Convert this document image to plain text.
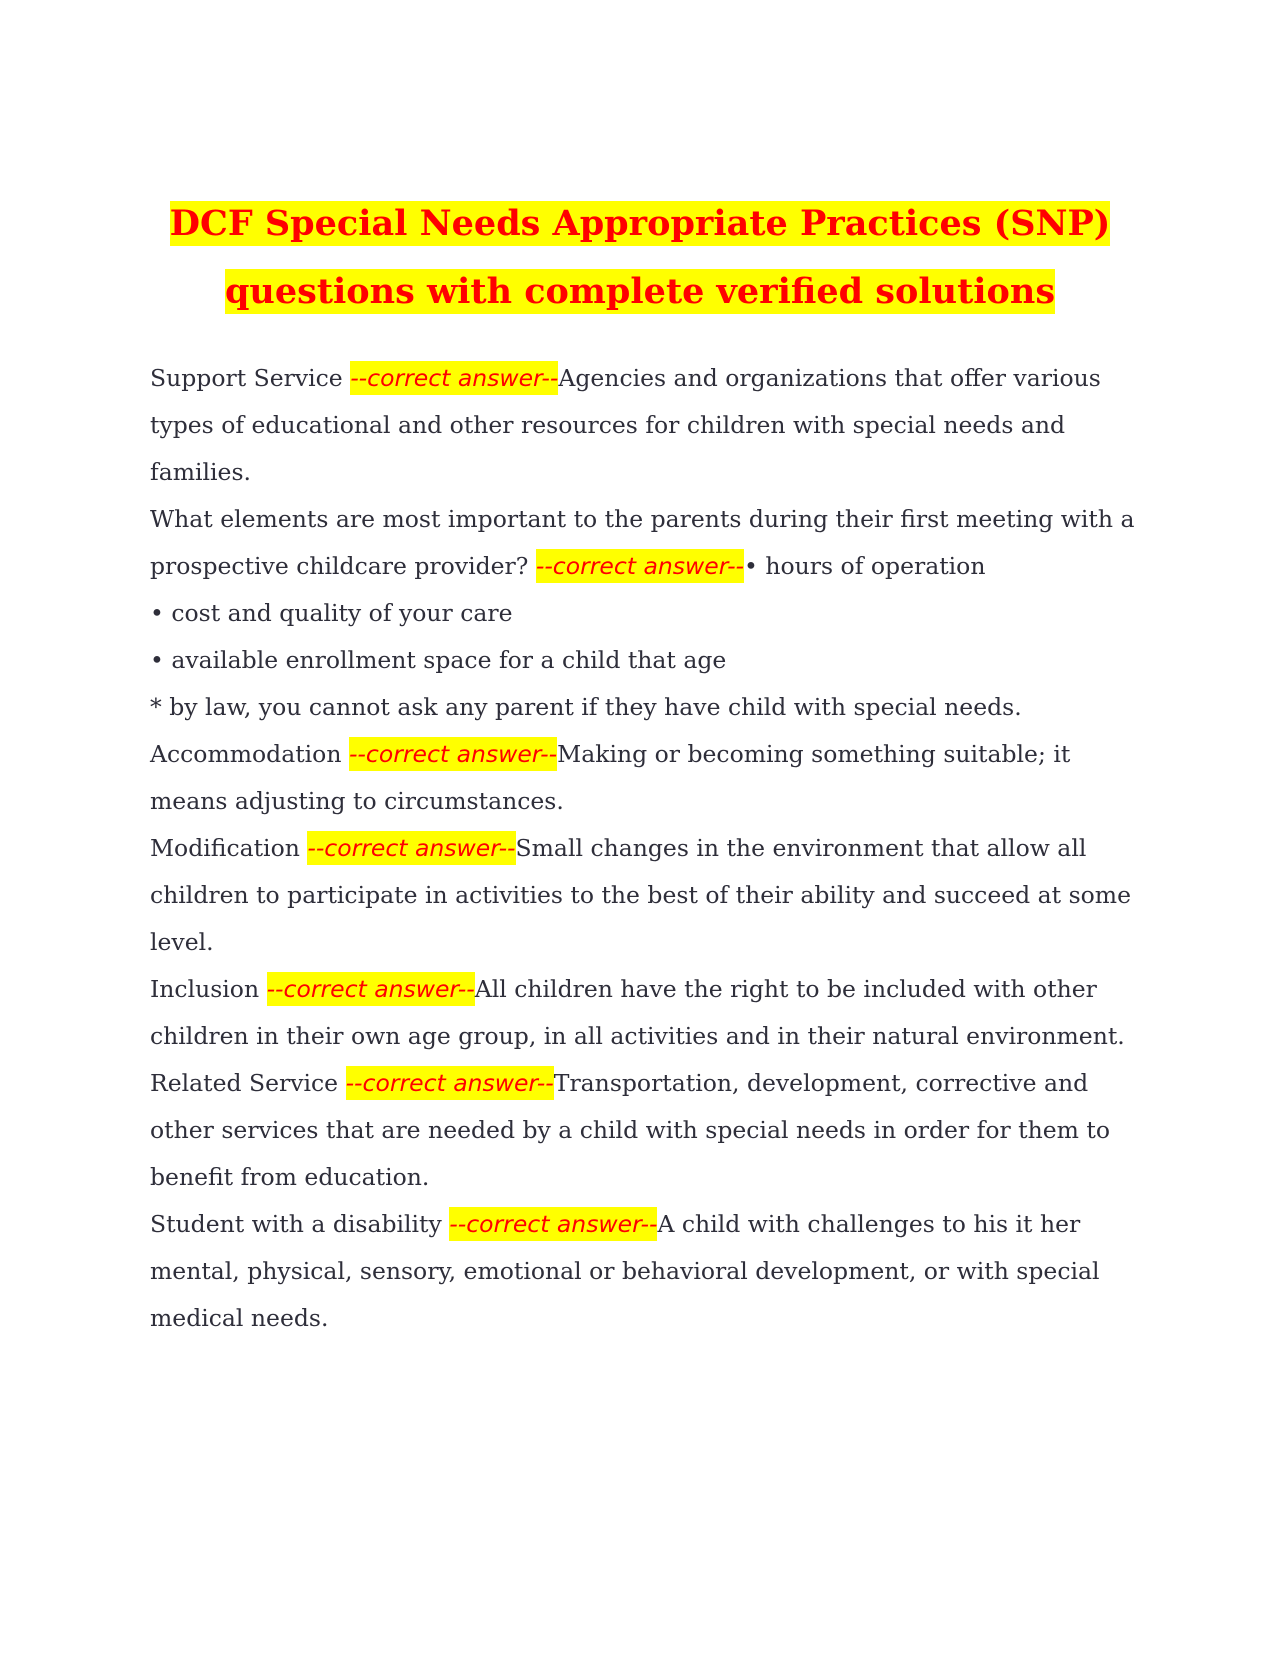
DCF Special Needs Appropriate Practices (SNP)
questions with complete verified solutions

Support Service --correct answer--Agencies and organizations that offer various types of educational and other resources for children with special needs and families.

What elements are most important to the parents during their first meeting with a prospective childcare provider? --correct answer--• hours of operation

• cost and quality of your care

• available enrollment space for a child that age

* by law, you cannot ask any parent if they have child with special needs.

Accommodation --correct answer--Making or becoming something suitable; it means adjusting to circumstances.

Modification --correct answer--Small changes in the environment that allow all children to participate in activities to the best of their ability and succeed at some level.

Inclusion --correct answer--All children have the right to be included with other children in their own age group, in all activities and in their natural environment.

Related Service --correct answer--Transportation, development, corrective and other services that are needed by a child with special needs in order for them to benefit from education.

Student with a disability --correct answer--A child with challenges to his it her mental, physical, sensory, emotional or behavioral development, or with special medical needs.
